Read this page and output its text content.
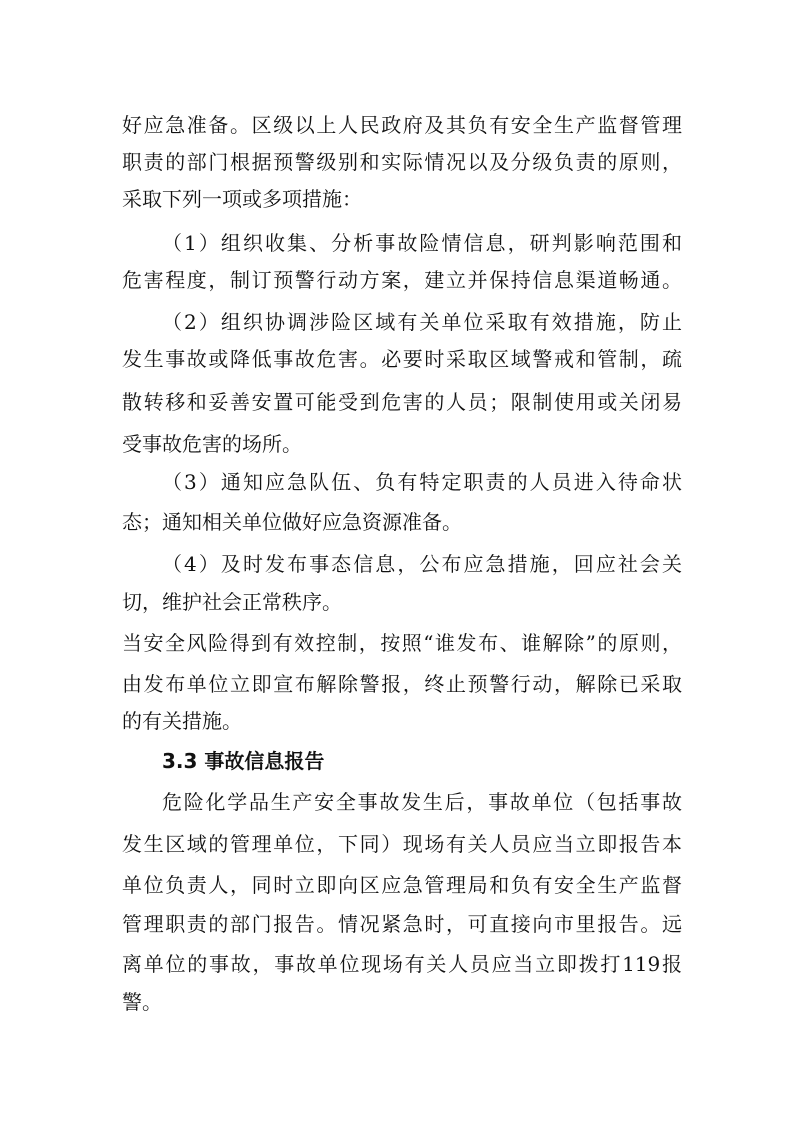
好应急准备。区级以上人民政府及其负有安全生产监督管理
职责的部门根据预警级别和实际情况以及分级负责的原则，
采取下列一项或多项措施：
（1）组织收集、分析事故险情信息，研判影响范围和
危害程度，制订预警行动方案，建立并保持信息渠道畅通。
（2）组织协调涉险区域有关单位采取有效措施，防止
发生事故或降低事故危害。必要时采取区域警戒和管制，疏
散转移和妥善安置可能受到危害的人员；限制使用或关闭易
受事故危害的场所。
（3）通知应急队伍、负有特定职责的人员进入待命状
态；通知相关单位做好应急资源准备。
（4）及时发布事态信息，公布应急措施，回应社会关
切，维护社会正常秩序。
当安全风险得到有效控制，按照“谁发布、谁解除”的原则，
由发布单位立即宣布解除警报，终止预警行动，解除已采取
的有关措施。
3.3 事故信息报告
危险化学品生产安全事故发生后，事故单位（包括事故
发生区域的管理单位，下同）现场有关人员应当立即报告本
单位负责人，同时立即向区应急管理局和负有安全生产监督
管理职责的部门报告。情况紧急时，可直接向市里报告。远
离单位的事故，事故单位现场有关人员应当立即拨打119报
警。
